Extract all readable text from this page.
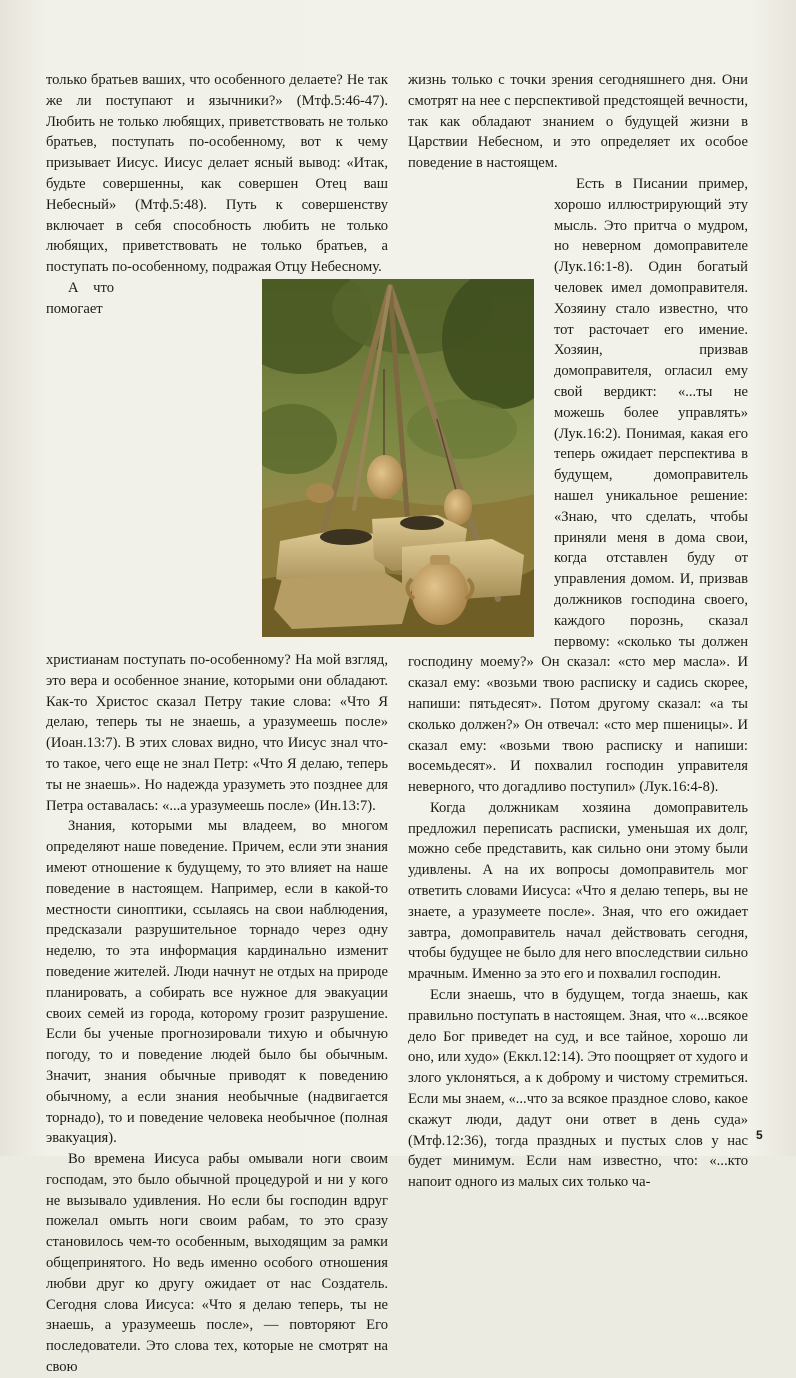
только братьев ваших, что особенного делаете? Не так же ли поступают и язычники?» (Мтф.5:46-47). Любить не только любящих, приветствовать не только братьев, поступать по-особенному, вот к чему призывает Иисус. Иисус делает ясный вывод: «Итак, будьте совершенны, как совершен Отец ваш Небесный» (Мтф.5:48). Путь к совершенству включает в себя способность любить не только любящих, приветствовать не только братьев, а поступать по-особенному, подражая Отцу Небесному.

А что помогает христианам поступать по-особенному? На мой взгляд, это вера и особенное знание, которыми они обладают. Как-то Христос сказал Петру такие слова: «Что Я делаю, теперь ты не знаешь, а уразумеешь после» (Иоан.13:7). В этих словах видно, что Иисус знал что-то такое, чего еще не знал Петр: «Что Я делаю, теперь ты не знаешь». Но надежда уразуметь это позднее для Петра оставалась: «...а уразумеешь после» (Ин.13:7).

Знания, которыми мы владеем, во многом определяют наше поведение. Причем, если эти знания имеют отношение к будущему, то это влияет на наше поведение в настоящем. Например, если в какой-то местности синоптики, ссылаясь на свои наблюдения, предсказали разрушительное торнадо через одну неделю, то эта информация кардинально изменит поведение жителей. Люди начнут не отдых на природе планировать, а собирать все нужное для эвакуации своих семей из города, которому грозит разрушение. Если бы ученые прогнозировали тихую и обычную погоду, то и поведение людей было бы обычным. Значит, знания обычные приводят к поведению обычному, а если знания необычные (надвигается торнадо), то и поведение человека необычное (полная эвакуация).

Во времена Иисуса рабы омывали ноги своим господам, это было обычной процедурой и ни у кого не вызывало удивления. Но если бы господин вдруг пожелал омыть ноги своим рабам, то это сразу становилось чем-то особенным, выходящим за рамки общепринятого. Но ведь именно особого отношения любви друг ко другу ожидает от нас Создатель. Сегодня слова Иисуса: «Что я делаю теперь, ты не знаешь, а уразумеешь после», — повторяют Его последователи. Это слова тех, которые не смотрят на свою

жизнь только с точки зрения сегодняшнего дня. Они смотрят на нее с перспективой предстоящей вечности, так как обладают знанием о будущей жизни в Царствии Небесном, и это определяет их особое поведение в настоящем.

Есть в Писании пример, хорошо иллюстрирующий эту мысль. Это притча о мудром, но неверном домоправителе (Лук.16:1-8). Один богатый человек имел домоправителя. Хозяину стало известно, что тот расточает его имение. Хозяин, призвав домоправителя, огласил ему свой вердикт: «...ты не можешь более управлять» (Лук.16:2). Понимая, какая его теперь ожидает перспектива в будущем, домоправитель нашел уникальное решение: «Знаю, что сделать, чтобы приняли меня в дома свои, когда отставлен буду от управления домом. И, призвав должников господина своего, каждого порознь, сказал первому: «сколько ты должен господину моему?» Он сказал: «сто мер масла». И сказал ему: «возьми твою расписку и садись скорее, напиши: пятьдесят». Потом другому сказал: «а ты сколько должен?» Он отвечал: «сто мер пшеницы». И сказал ему: «возьми твою расписку и напиши: восемьдесят». И похвалил господин управителя неверного, что догадливо поступил» (Лук.16:4-8).

Когда должникам хозяина домоправитель предложил переписать расписки, уменьшая их долг, можно себе представить, как сильно они этому были удивлены. А на их вопросы домоправитель мог ответить словами Иисуса: «Что я делаю теперь, вы не знаете, а уразумеете после». Зная, что его ожидает завтра, домоправитель начал действовать сегодня, чтобы будущее не было для него впоследствии сильно мрачным. Именно за это его и похвалил господин.

Если знаешь, что в будущем, тогда знаешь, как правильно поступать в настоящем. Зная, что «...всякое дело Бог приведет на суд, и все тайное, хорошо ли оно, или худо» (Еккл.12:14). Это поощряет от худого и злого уклоняться, а к доброму и чистому стремиться. Если мы знаем, «...что за всякое праздное слово, какое скажут люди, дадут они ответ в день суда» (Мтф.12:36), тогда праздных и пустых слов у нас будет минимум. Если нам известно, что: «...кто напоит одного из малых сих только ча-

5
